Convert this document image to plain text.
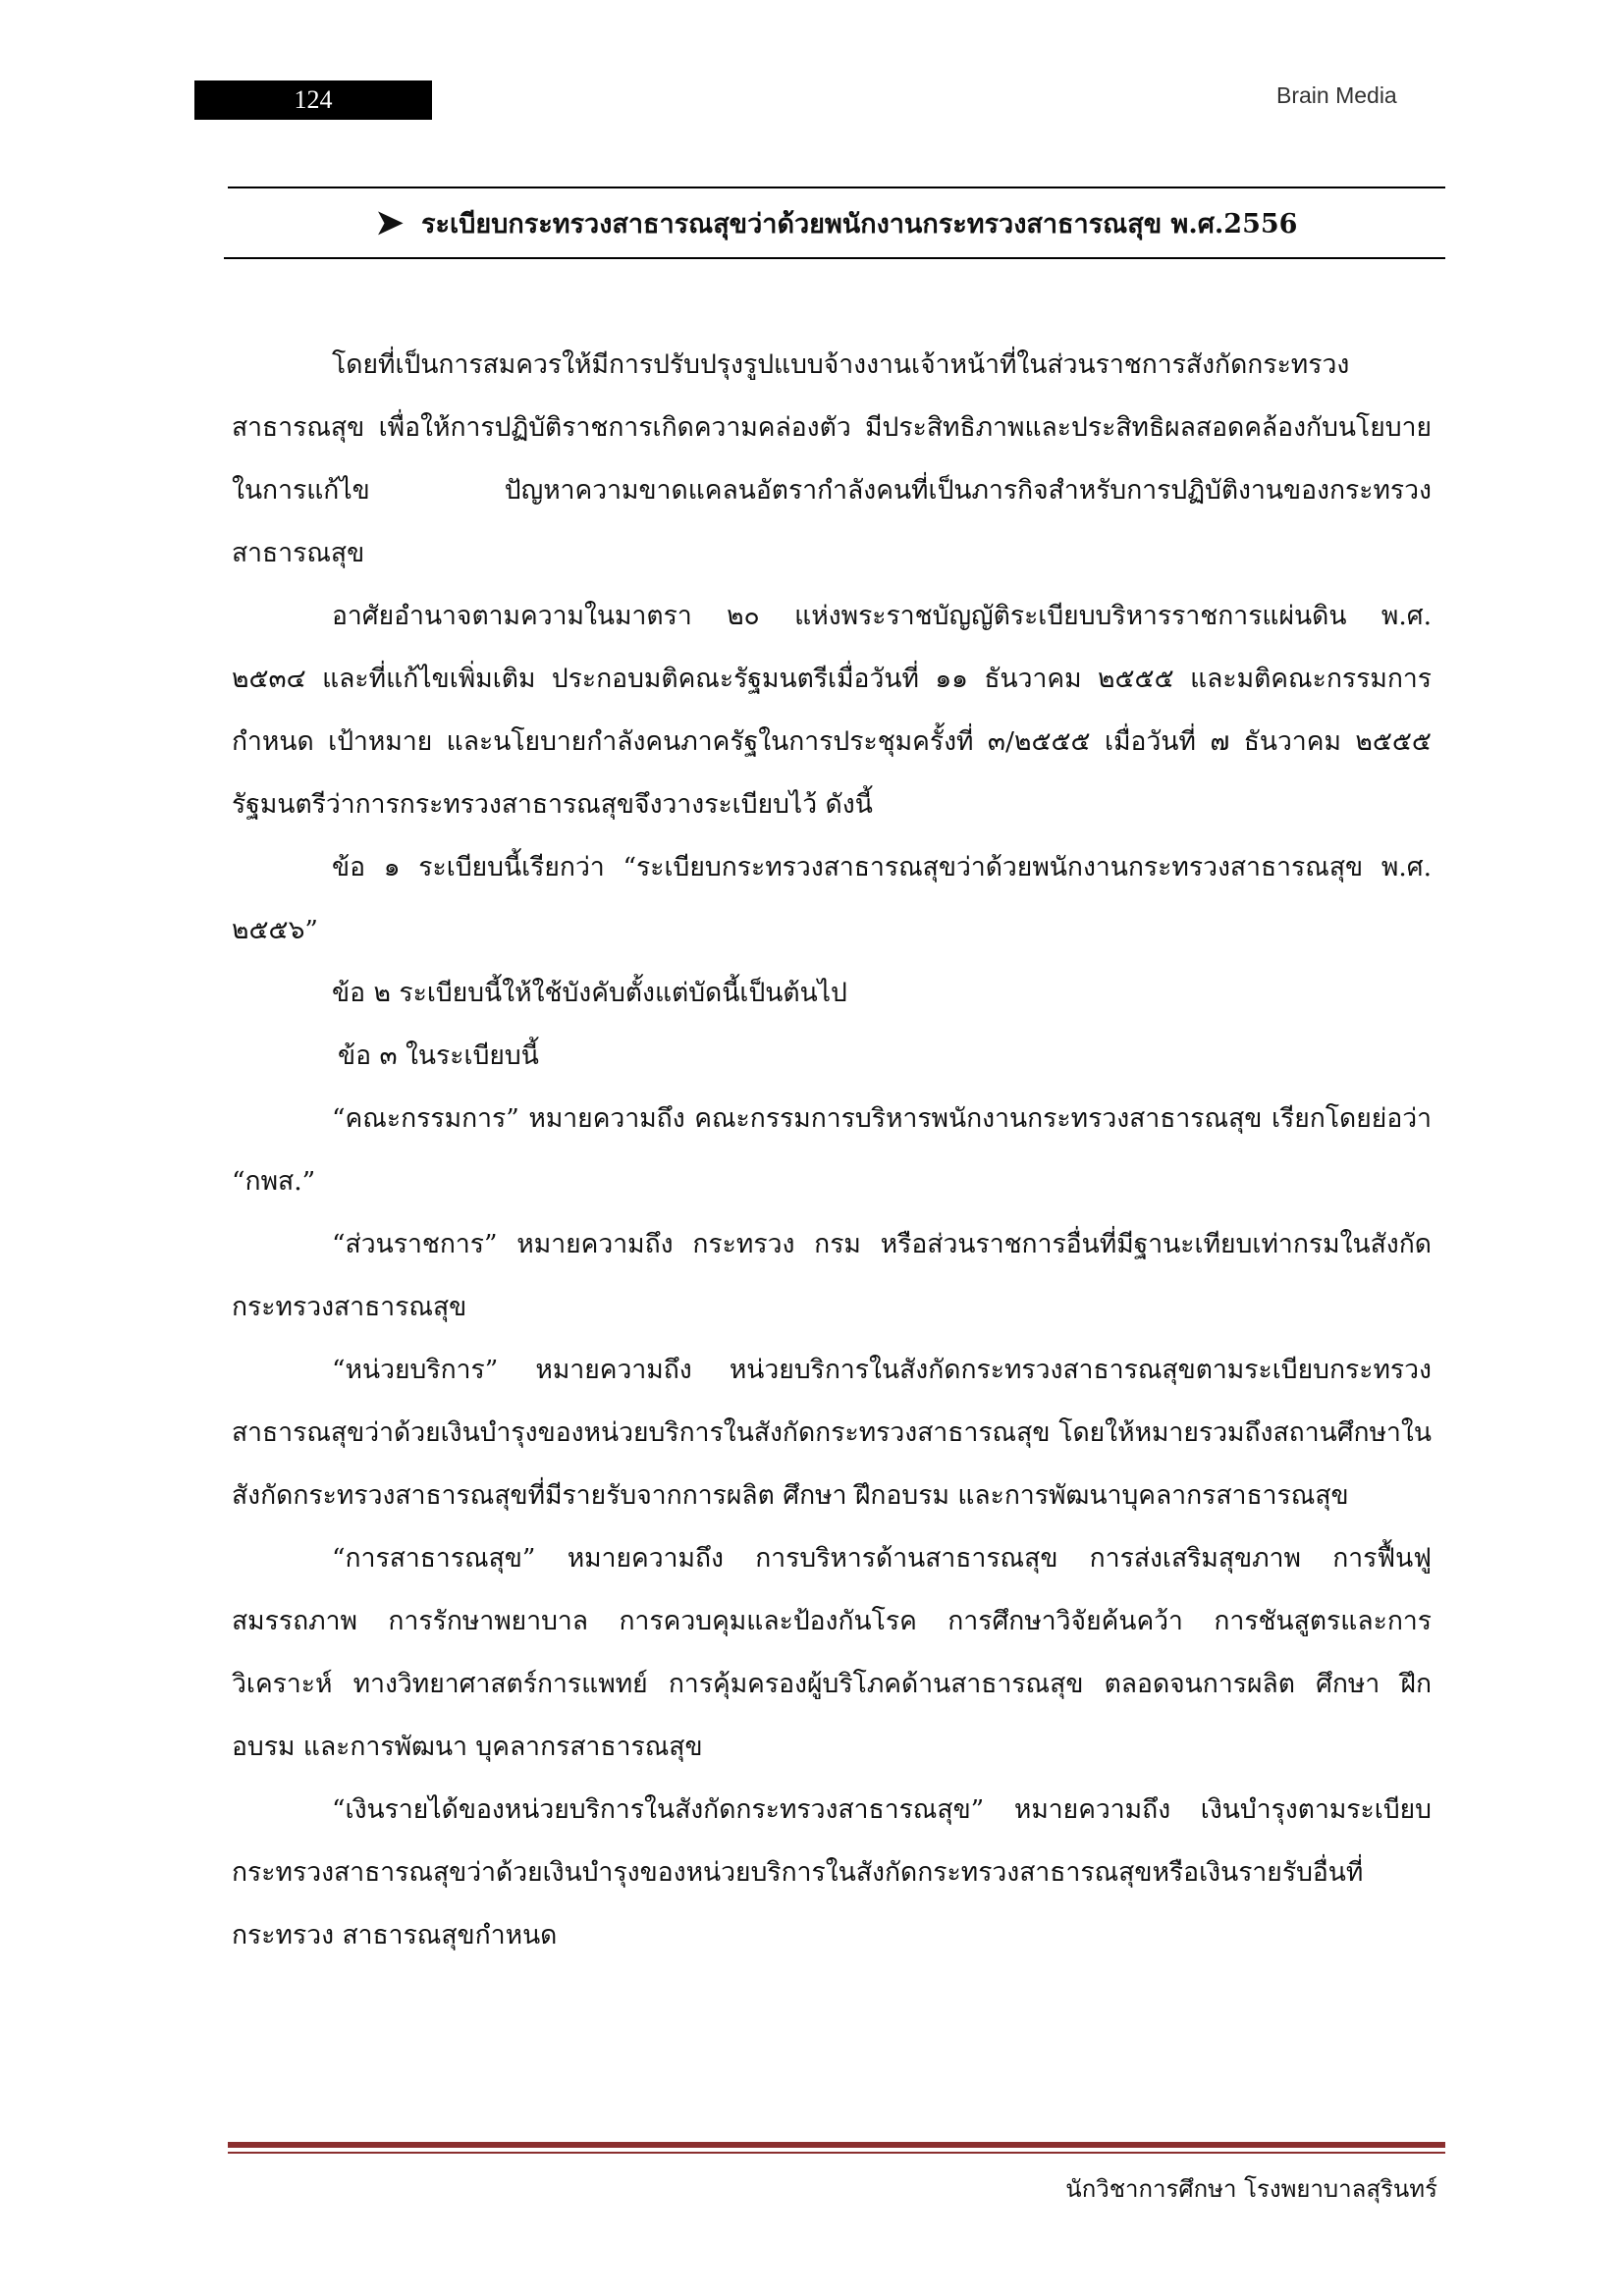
124	Brain Media
➤ ระเบียบกระทรวงสาธารณสุขว่าด้วยพนักงานกระทรวงสาธารณสุข พ.ศ.2556

โดยที่เป็นการสมควรให้มีการปรับปรุงรูปแบบจ้างงานเจ้าหน้าที่ในส่วนราชการสังกัดกระทรวงสาธารณสุข เพื่อให้การปฏิบัติราชการเกิดความคล่องตัว มีประสิทธิภาพและประสิทธิผลสอดคล้องกับนโยบายในการแก้ไข ปัญหาความขาดแคลนอัตรากำลังคนที่เป็นภารกิจสำหรับการปฏิบัติงานของกระทรวงสาธารณสุข

อาศัยอำนาจตามความในมาตรา ๒๐ แห่งพระราชบัญญัติระเบียบบริหารราชการแผ่นดิน พ.ศ. ๒๕๓๔ และที่แก้ไขเพิ่มเติม ประกอบมติคณะรัฐมนตรีเมื่อวันที่ ๑๑ ธันวาคม ๒๕๕๕ และมติคณะกรรมการกำหนด เป้าหมาย และนโยบายกำลังคนภาครัฐในการประชุมครั้งที่ ๓/๒๕๕๕ เมื่อวันที่ ๗ ธันวาคม ๒๕๕๕ รัฐมนตรีว่าการกระทรวงสาธารณสุขจึงวางระเบียบไว้ ดังนี้

ข้อ ๑ ระเบียบนี้เรียกว่า “ระเบียบกระทรวงสาธารณสุขว่าด้วยพนักงานกระทรวงสาธารณสุข พ.ศ. ๒๕๕๖”

ข้อ ๒ ระเบียบนี้ให้ใช้บังคับตั้งแต่บัดนี้เป็นต้นไป

ข้อ ๓ ในระเบียบนี้

“คณะกรรมการ” หมายความถึง คณะกรรมการบริหารพนักงานกระทรวงสาธารณสุข เรียกโดยย่อว่า “กพส.”

“ส่วนราชการ” หมายความถึง กระทรวง กรม หรือส่วนราชการอื่นที่มีฐานะเทียบเท่ากรมในสังกัดกระทรวงสาธารณสุข

“หน่วยบริการ” หมายความถึง หน่วยบริการในสังกัดกระทรวงสาธารณสุขตามระเบียบกระทรวงสาธารณสุขว่าด้วยเงินบำรุงของหน่วยบริการในสังกัดกระทรวงสาธารณสุข โดยให้หมายรวมถึงสถานศึกษาใน สังกัดกระทรวงสาธารณสุขที่มีรายรับจากการผลิต ศึกษา ฝึกอบรม และการพัฒนาบุคลากรสาธารณสุข

“การสาธารณสุข” หมายความถึง การบริหารด้านสาธารณสุข การส่งเสริมสุขภาพ การฟื้นฟูสมรรถภาพ การรักษาพยาบาล การควบคุมและป้องกันโรค การศึกษาวิจัยค้นคว้า การชันสูตรและการวิเคราะห์ ทางวิทยาศาสตร์การแพทย์ การคุ้มครองผู้บริโภคด้านสาธารณสุข ตลอดจนการผลิต ศึกษา ฝึกอบรม และการพัฒนา บุคลากรสาธารณสุข

“เงินรายได้ของหน่วยบริการในสังกัดกระทรวงสาธารณสุข” หมายความถึง เงินบำรุงตามระเบียบกระทรวงสาธารณสุขว่าด้วยเงินบำรุงของหน่วยบริการในสังกัดกระทรวงสาธารณสุขหรือเงินรายรับอื่นที่กระทรวง สาธารณสุขกำหนด

นักวิชาการศึกษา โรงพยาบาลสุรินทร์
